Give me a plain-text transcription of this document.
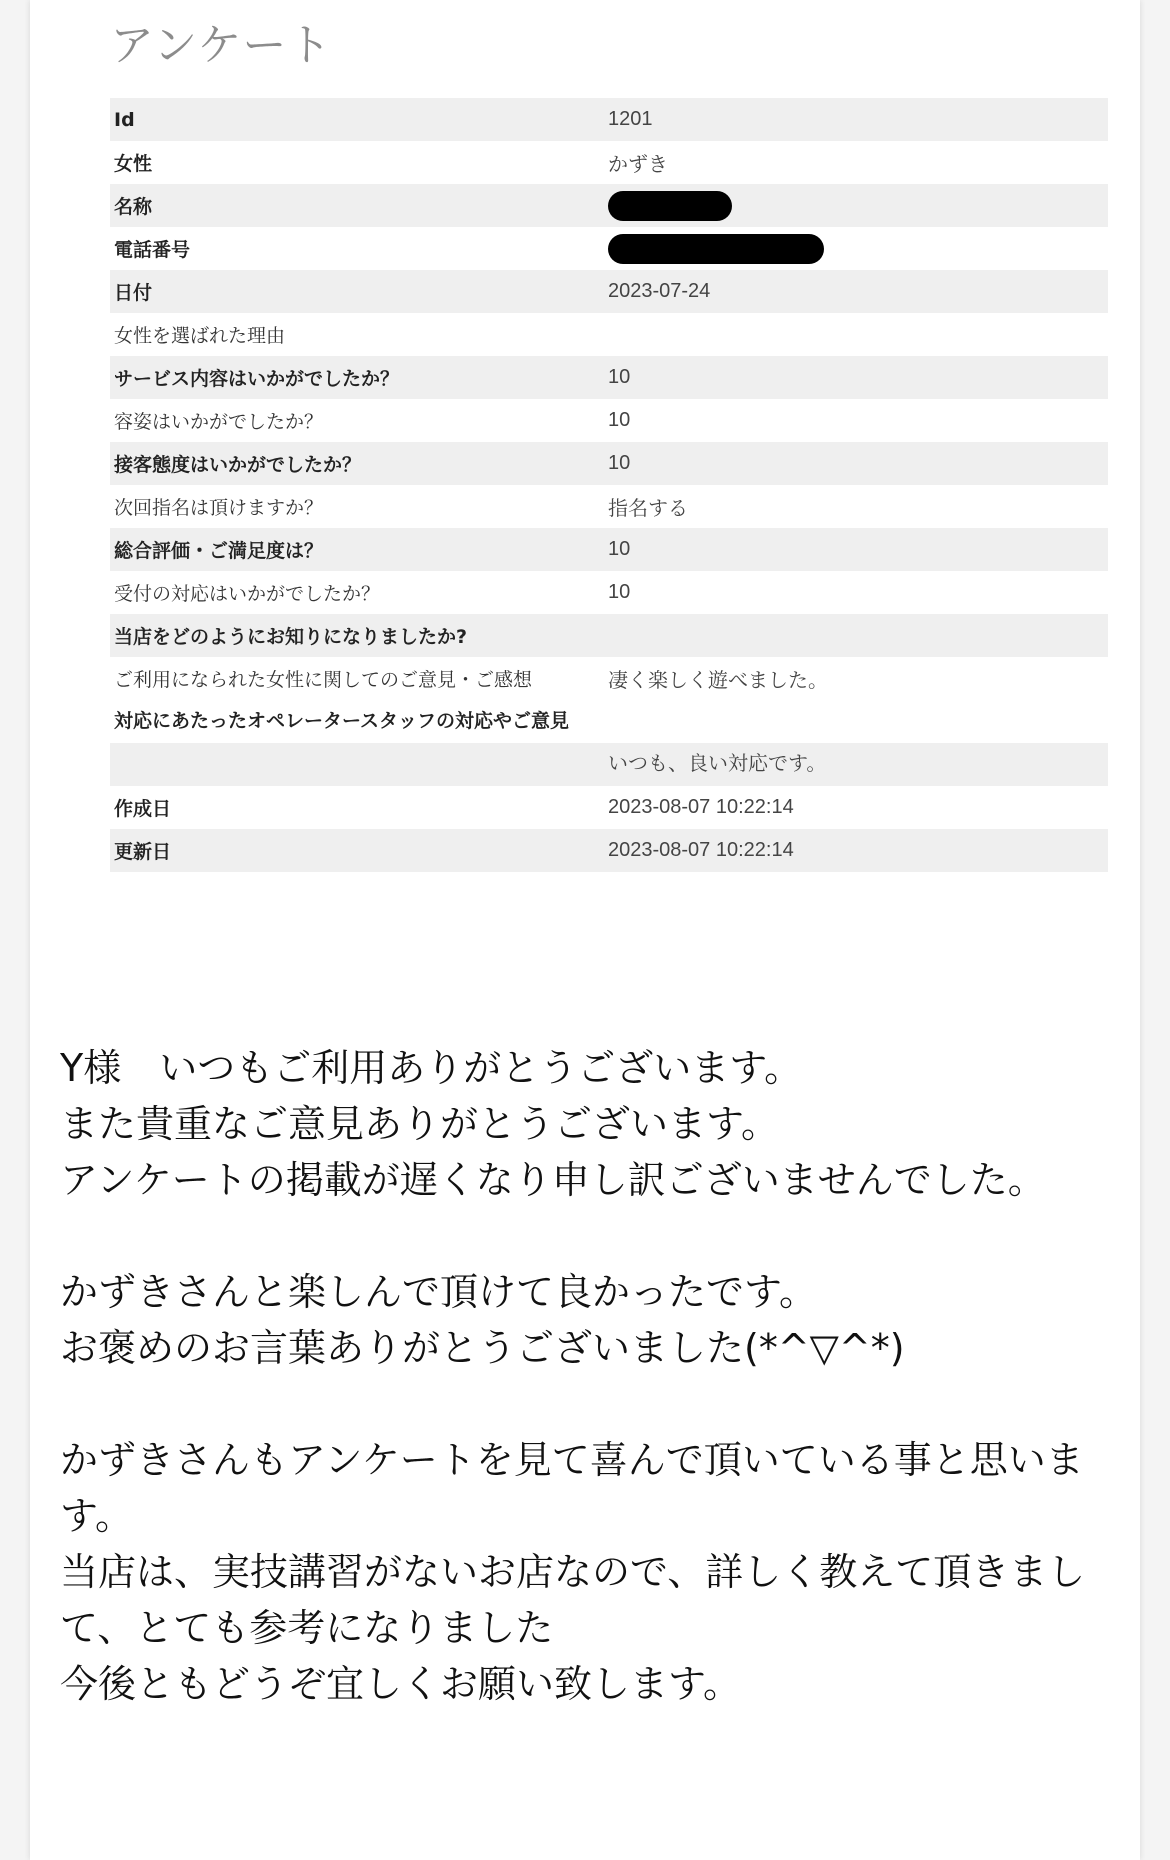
アンケート
Id	1201
女性	かずき
名称	
電話番号	
日付	2023-07-24
女性を選ばれた理由	
サービス内容はいかがでしたか？	10
容姿はいかがでしたか？	10
接客態度はいかがでしたか？	10
次回指名は頂けますか？	指名する
総合評価・ご満足度は？	10
受付の対応はいかがでしたか？	10
当店をどのようにお知りになりましたか?	
ご利用になられた女性に関してのご意見・ご感想	凄く楽しく遊べました。
対応にあたったオペレータースタッフの対応やご意見	いつも、良い対応です。
作成日	2023-08-07 10:22:14
更新日	2023-08-07 10:22:14

Y様　いつもご利用ありがとうございます。

また貴重なご意見ありがとうございます。

アンケートの掲載が遅くなり申し訳ございませんでした。

かずきさんと楽しんで頂けて良かったです。

お褒めのお言葉ありがとうございました(*^▽^*)

かずきさんもアンケートを見て喜んで頂いている事と思います。

当店は、実技講習がないお店なので、詳しく教えて頂きまして、とても参考になりました

今後ともどうぞ宜しくお願い致します。
